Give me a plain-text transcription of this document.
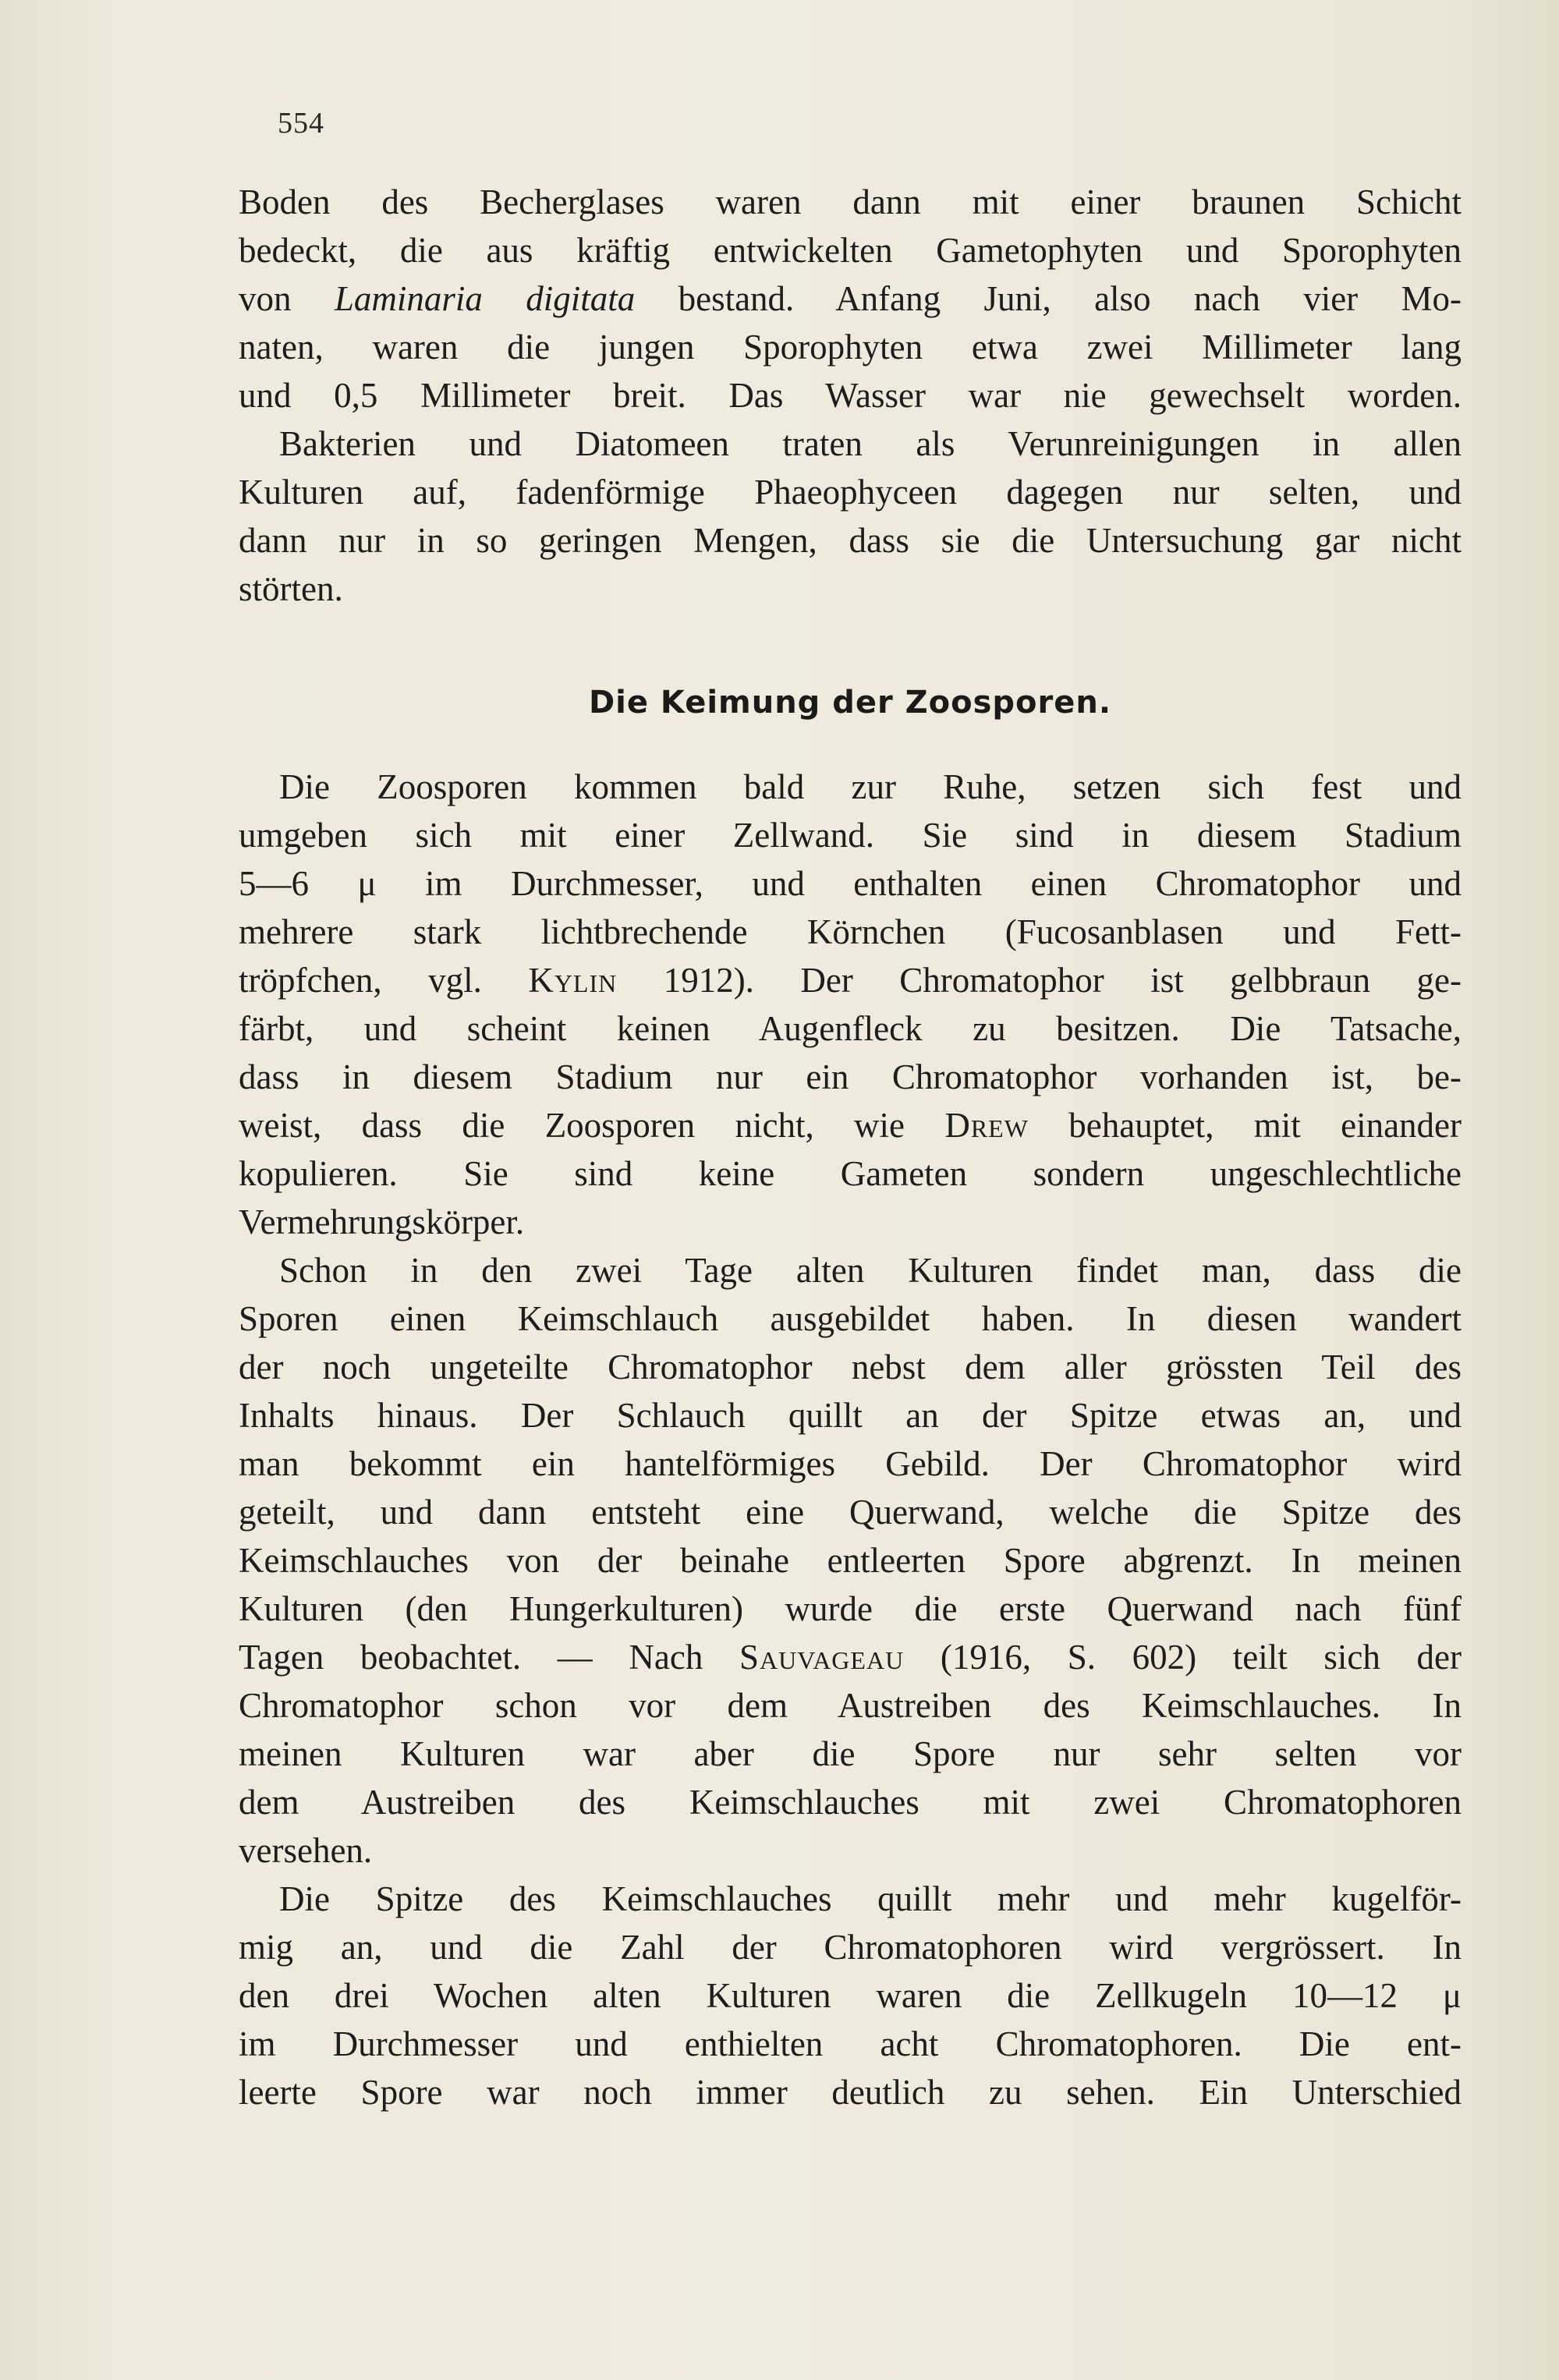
554
Boden des Becherglases waren dann mit einer braunen Schicht
bedeckt, die aus kräftig entwickelten Gametophyten und Sporophyten
von Laminaria digitata bestand. Anfang Juni, also nach vier Mo-
naten, waren die jungen Sporophyten etwa zwei Millimeter lang
und 0,5 Millimeter breit. Das Wasser war nie gewechselt worden.
Bakterien und Diatomeen traten als Verunreinigungen in allen
Kulturen auf, fadenförmige Phaeophyceen dagegen nur selten, und
dann nur in so geringen Mengen, dass sie die Untersuchung gar nicht
störten.
Die Keimung der Zoosporen.
Die Zoosporen kommen bald zur Ruhe, setzen sich fest und
umgeben sich mit einer Zellwand. Sie sind in diesem Stadium
5—6 μ im Durchmesser, und enthalten einen Chromatophor und
mehrere stark lichtbrechende Körnchen (Fucosanblasen und Fett-
tröpfchen, vgl. Kylin 1912). Der Chromatophor ist gelbbraun ge-
färbt, und scheint keinen Augenfleck zu besitzen. Die Tatsache,
dass in diesem Stadium nur ein Chromatophor vorhanden ist, be-
weist, dass die Zoosporen nicht, wie Drew behauptet, mit einander
kopulieren. Sie sind keine Gameten sondern ungeschlechtliche
Vermehrungskörper.
Schon in den zwei Tage alten Kulturen findet man, dass die
Sporen einen Keimschlauch ausgebildet haben. In diesen wandert
der noch ungeteilte Chromatophor nebst dem aller grössten Teil des
Inhalts hinaus. Der Schlauch quillt an der Spitze etwas an, und
man bekommt ein hantelförmiges Gebild. Der Chromatophor wird
geteilt, und dann entsteht eine Querwand, welche die Spitze des
Keimschlauches von der beinahe entleerten Spore abgrenzt. In meinen
Kulturen (den Hungerkulturen) wurde die erste Querwand nach fünf
Tagen beobachtet. — Nach Sauvageau (1916, S. 602) teilt sich der
Chromatophor schon vor dem Austreiben des Keimschlauches. In
meinen Kulturen war aber die Spore nur sehr selten vor
dem Austreiben des Keimschlauches mit zwei Chromatophoren
versehen.
Die Spitze des Keimschlauches quillt mehr und mehr kugelför-
mig an, und die Zahl der Chromatophoren wird vergrössert. In
den drei Wochen alten Kulturen waren die Zellkugeln 10—12 μ
im Durchmesser und enthielten acht Chromatophoren. Die ent-
leerte Spore war noch immer deutlich zu sehen. Ein Unterschied
